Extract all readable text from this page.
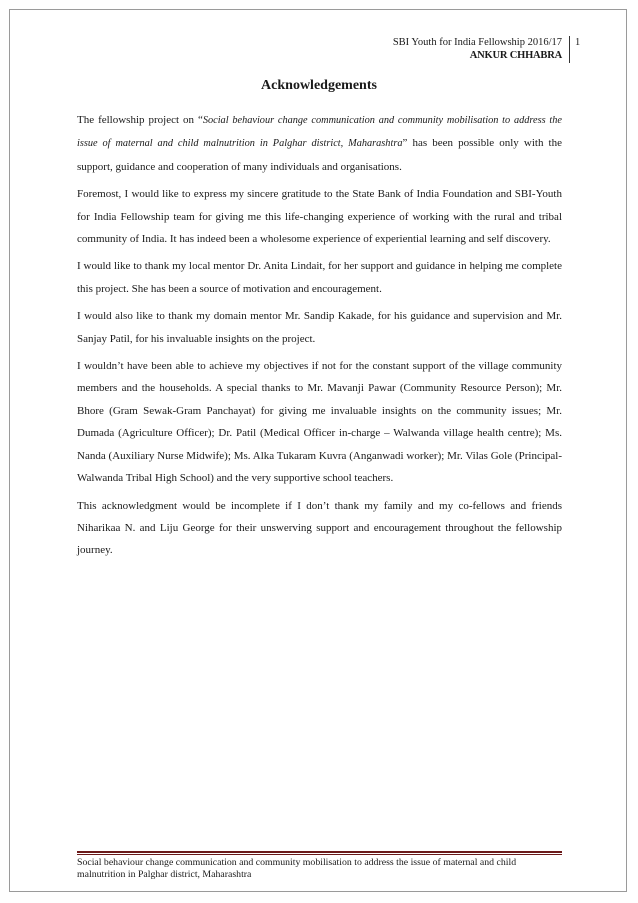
SBI Youth for India Fellowship 2016/17
ANKUR CHHABRA
1
Acknowledgements

The fellowship project on “Social behaviour change communication and community mobilisation to address the issue of maternal and child malnutrition in Palghar district, Maharashtra” has been possible only with the support, guidance and cooperation of many individuals and organisations.

Foremost, I would like to express my sincere gratitude to the State Bank of India Foundation and SBI-Youth for India Fellowship team for giving me this life-changing experience of working with the rural and tribal community of India. It has indeed been a wholesome experience of experiential learning and self discovery.

I would like to thank my local mentor Dr. Anita Lindait, for her support and guidance in helping me complete this project. She has been a source of motivation and encouragement.

I would also like to thank my domain mentor Mr. Sandip Kakade, for his guidance and supervision and Mr. Sanjay Patil, for his invaluable insights on the project.

I wouldn’t have been able to achieve my objectives if not for the constant support of the village community members and the households. A special thanks to Mr. Mavanji Pawar (Community Resource Person); Mr. Bhore (Gram Sewak-Gram Panchayat) for giving me invaluable insights on the community issues; Mr. Dumada (Agriculture Officer); Dr. Patil (Medical Officer in-charge – Walwanda village health centre); Ms. Nanda (Auxiliary Nurse Midwife); Ms. Alka Tukaram Kuvra (Anganwadi worker); Mr. Vilas Gole (Principal-Walwanda Tribal High School) and the very supportive school teachers.

This acknowledgment would be incomplete if I don’t thank my family and my co-fellows and friends Niharikaa N. and Liju George for their unswerving support and encouragement throughout the fellowship journey.

Social behaviour change communication and community mobilisation to address the issue of maternal and child malnutrition in Palghar district, Maharashtra
